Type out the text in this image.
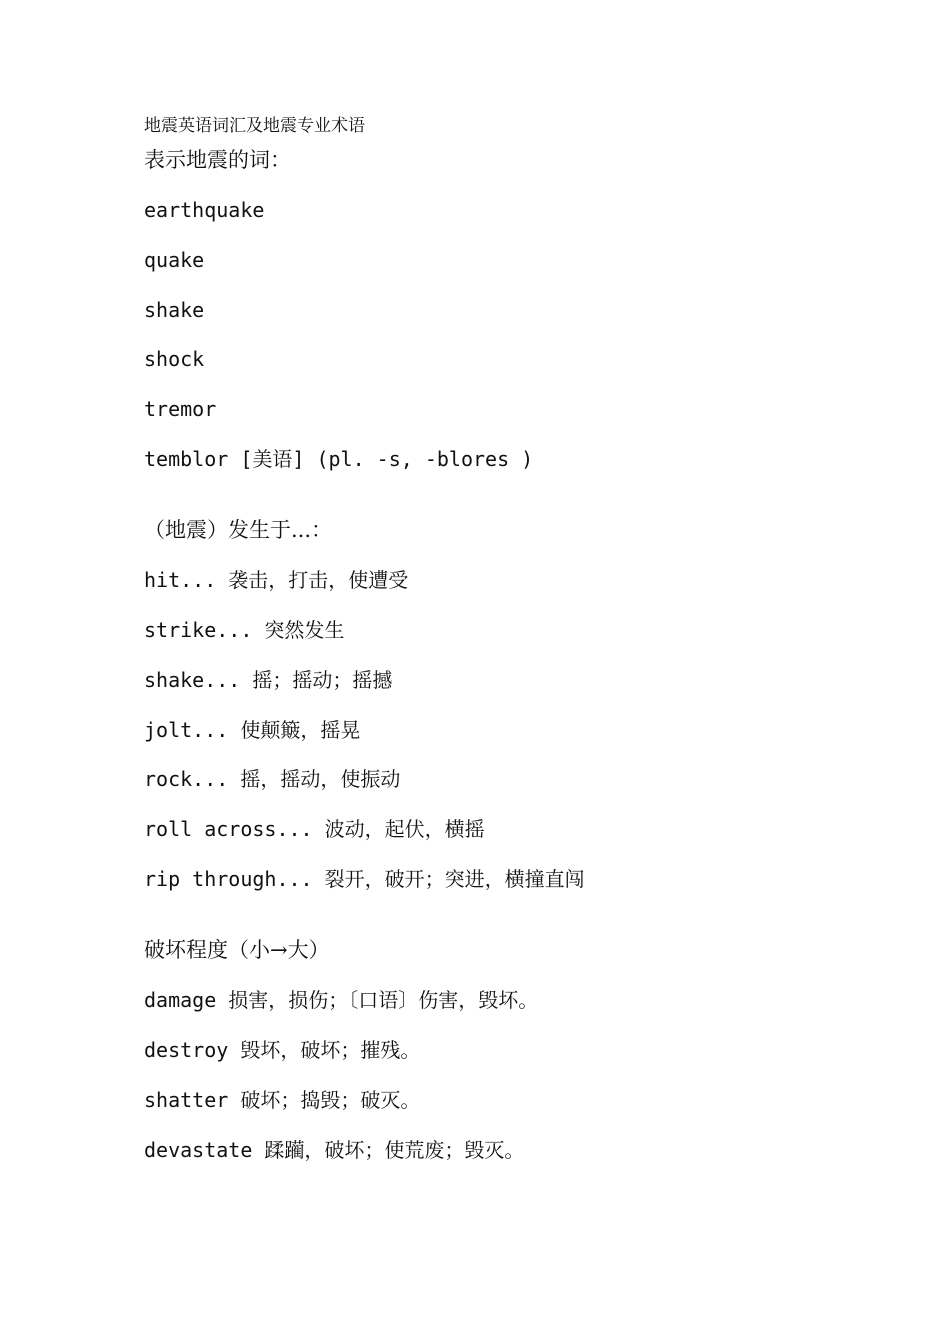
地震英语词汇及地震专业术语
表示地震的词：
earthquake
quake
shake
shock
tremor
temblor [美语] (pl. -s, -blores )
（地震）发生于...：
hit... 袭击，打击，使遭受
strike... 突然发生
shake... 摇；摇动；摇撼
jolt... 使颠簸，摇晃
rock... 摇，摇动，使振动
roll across... 波动，起伏，横摇
rip through... 裂开，破开；突进，横撞直闯
破坏程度（小→大）
damage 损害，损伤；〔口语〕伤害，毁坏。
destroy 毁坏，破坏；摧残。
shatter 破坏；捣毁；破灭。
devastate 蹂躏，破坏；使荒废；毁灭。
